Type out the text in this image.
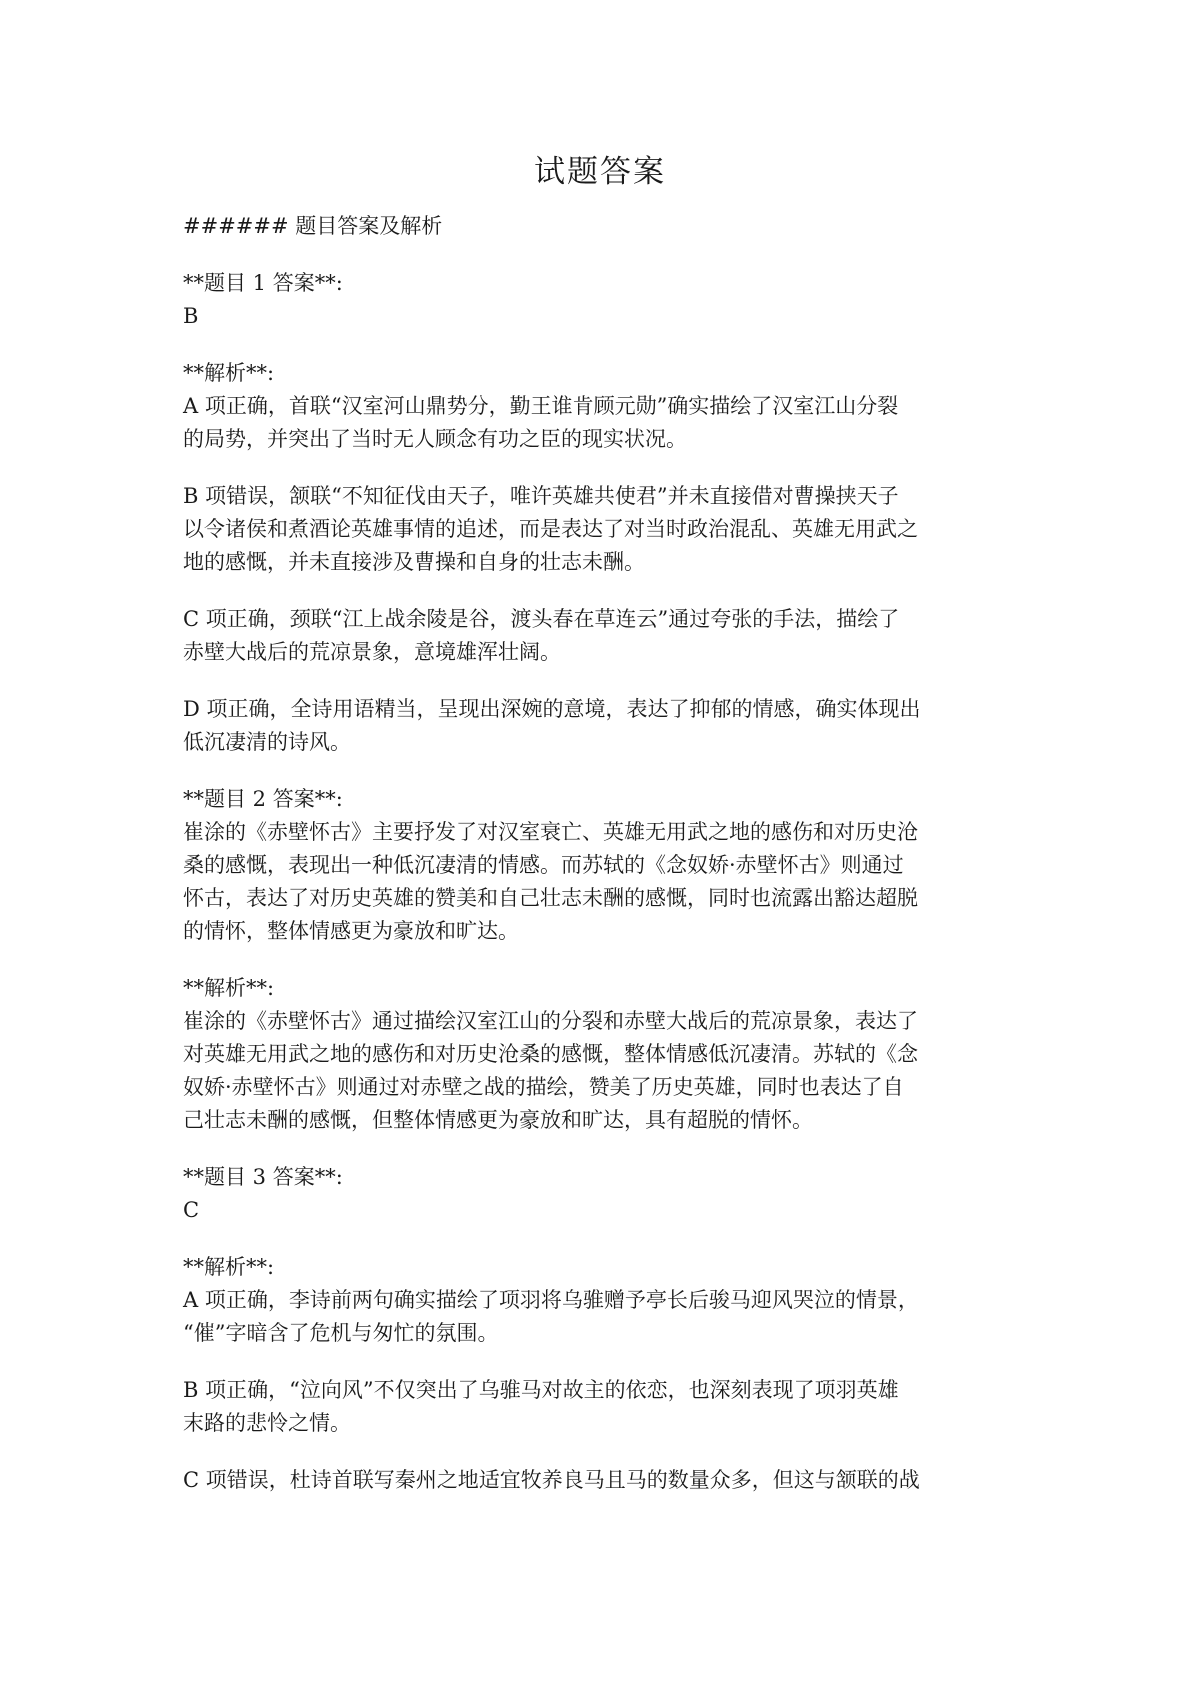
试题答案
###### 题目答案及解析
**题目 1 答案**:
B
**解析**:
A 项正确，首联“汉室河山鼎势分，勤王谁肯顾元勋”确实描绘了汉室江山分裂
的局势，并突出了当时无人顾念有功之臣的现实状况。
B 项错误，颔联“不知征伐由天子，唯许英雄共使君”并未直接借对曹操挟天子
以令诸侯和煮酒论英雄事情的追述，而是表达了对当时政治混乱、英雄无用武之
地的感慨，并未直接涉及曹操和自身的壮志未酬。
C 项正确，颈联“江上战余陵是谷，渡头春在草连云”通过夸张的手法，描绘了
赤壁大战后的荒凉景象，意境雄浑壮阔。
D 项正确，全诗用语精当，呈现出深婉的意境，表达了抑郁的情感，确实体现出
低沉凄清的诗风。
**题目 2 答案**:
崔涂的《赤壁怀古》主要抒发了对汉室衰亡、英雄无用武之地的感伤和对历史沧
桑的感慨，表现出一种低沉凄清的情感。而苏轼的《念奴娇·赤壁怀古》则通过
怀古，表达了对历史英雄的赞美和自己壮志未酬的感慨，同时也流露出豁达超脱
的情怀，整体情感更为豪放和旷达。
**解析**:
崔涂的《赤壁怀古》通过描绘汉室江山的分裂和赤壁大战后的荒凉景象，表达了
对英雄无用武之地的感伤和对历史沧桑的感慨，整体情感低沉凄清。苏轼的《念
奴娇·赤壁怀古》则通过对赤壁之战的描绘，赞美了历史英雄，同时也表达了自
己壮志未酬的感慨，但整体情感更为豪放和旷达，具有超脱的情怀。
**题目 3 答案**:
C
**解析**:
A 项正确，李诗前两句确实描绘了项羽将乌骓赠予亭长后骏马迎风哭泣的情景，
“催”字暗含了危机与匆忙的氛围。
B 项正确，“泣向风”不仅突出了乌骓马对故主的依恋，也深刻表现了项羽英雄
末路的悲怜之情。
C 项错误，杜诗首联写秦州之地适宜牧养良马且马的数量众多，但这与颔联的战
